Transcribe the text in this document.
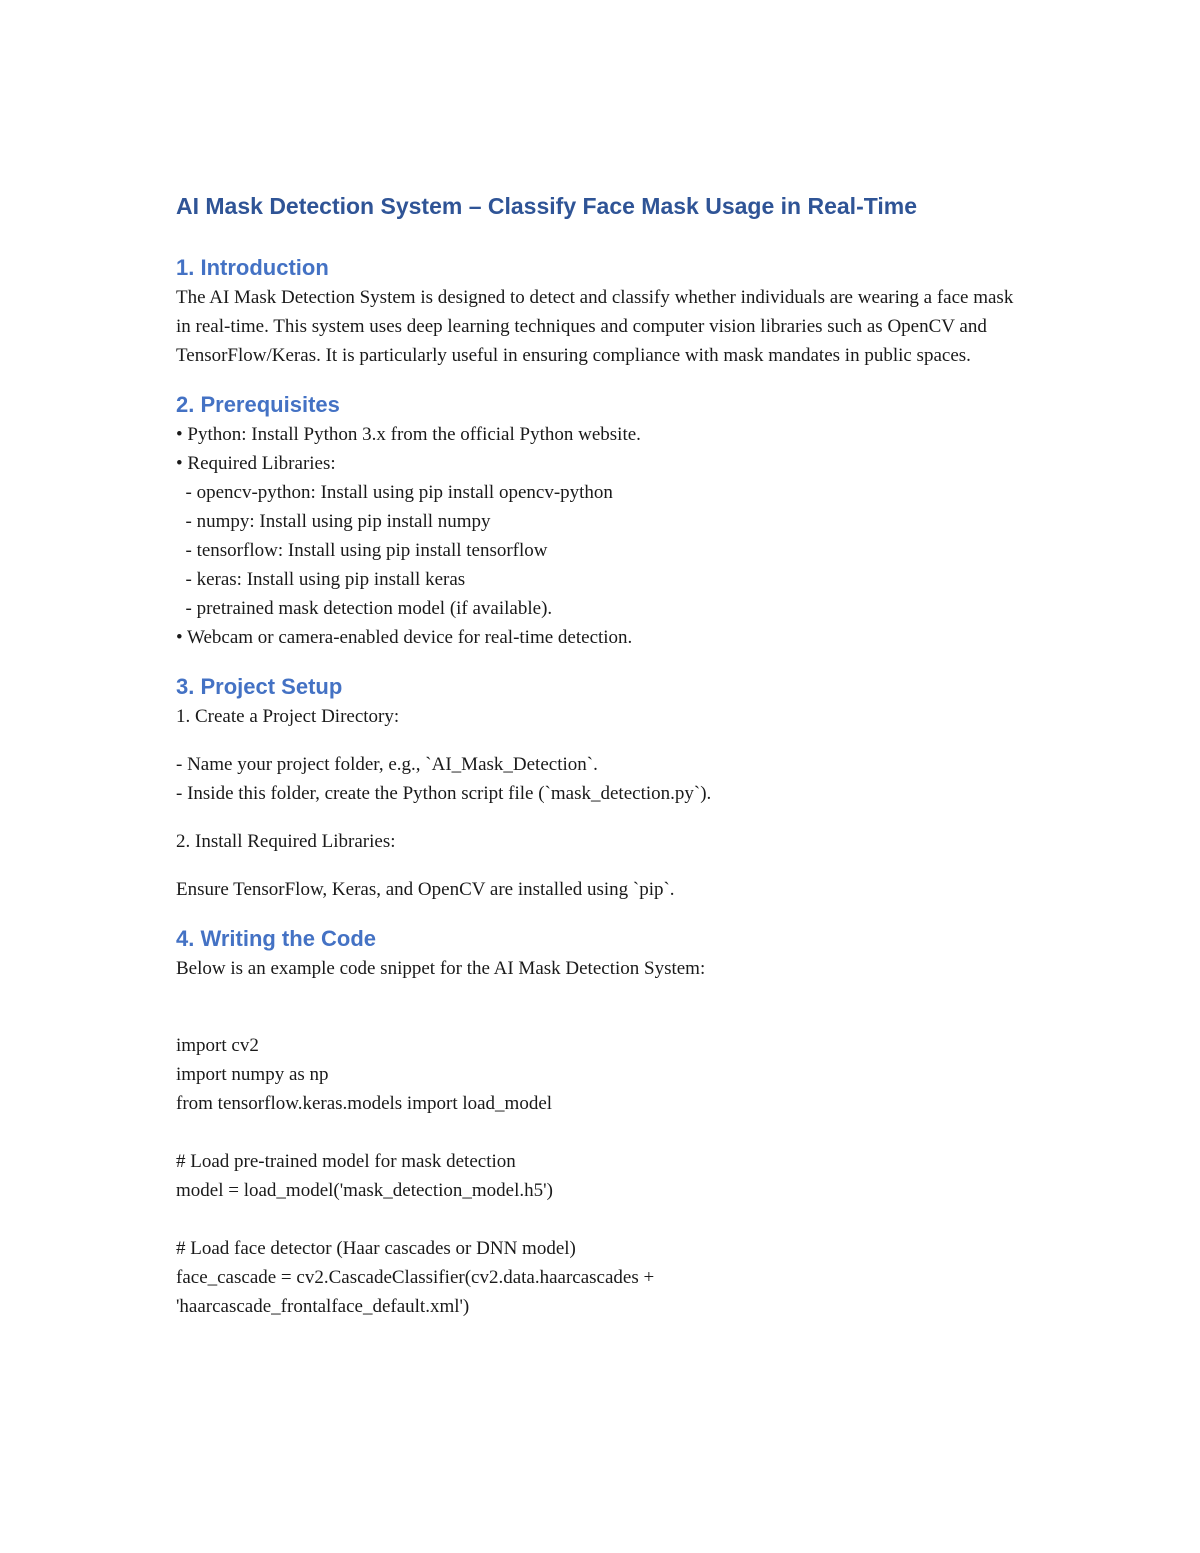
AI Mask Detection System – Classify Face Mask Usage in Real-Time
1. Introduction

The AI Mask Detection System is designed to detect and classify whether individuals are wearing a face mask in real-time. This system uses deep learning techniques and computer vision libraries such as OpenCV and TensorFlow/Keras. It is particularly useful in ensuring compliance with mask mandates in public spaces.

2. Prerequisites
• Python: Install Python 3.x from the official Python website.
• Required Libraries:
- opencv-python: Install using pip install opencv-python
- numpy: Install using pip install numpy
- tensorflow: Install using pip install tensorflow
- keras: Install using pip install keras
- pretrained mask detection model (if available).
• Webcam or camera-enabled device for real-time detection.
3. Project Setup
1. Create a Project Directory:
- Name your project folder, e.g., `AI_Mask_Detection`.
- Inside this folder, create the Python script file (`mask_detection.py`).
2. Install Required Libraries:
Ensure TensorFlow, Keras, and OpenCV are installed using `pip`.
4. Writing the Code
Below is an example code snippet for the AI Mask Detection System:
import cv2
import numpy as np
from tensorflow.keras.models import load_model
# Load pre-trained model for mask detection
model = load_model('mask_detection_model.h5')
# Load face detector (Haar cascades or DNN model)
face_cascade = cv2.CascadeClassifier(cv2.data.haarcascades +
'haarcascade_frontalface_default.xml')
